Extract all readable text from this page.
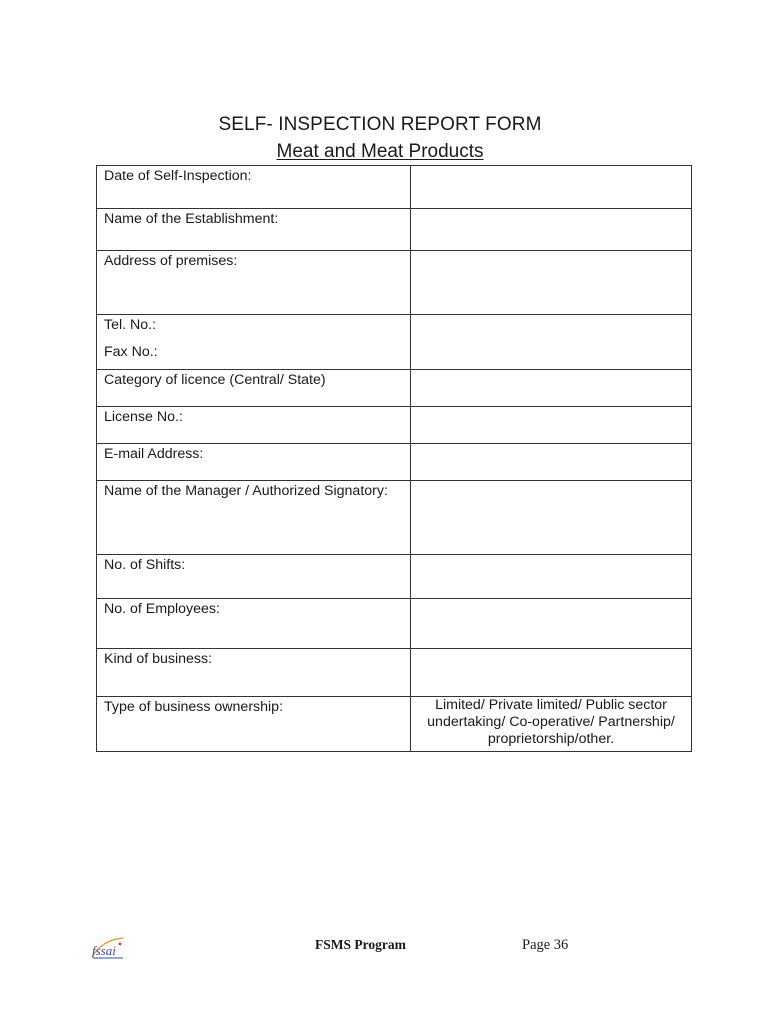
SELF- INSPECTION REPORT FORM
Meat and Meat Products
Date of Self-Inspection:	
Name of the Establishment:	
Address of premises:	

Tel. No.:
Fax No.:	

Category of licence (Central/ State)	
License No.:	
E-mail Address:	
Name of the Manager / Authorized Signatory:	
No. of Shifts:	
No. of Employees:	
Kind of business:	
Type of business ownership:	Limited/ Private limited/ Public sector undertaking/ Co-operative/ Partnership/ proprietorship/other.
fssai	FSMS Program	Page 36
